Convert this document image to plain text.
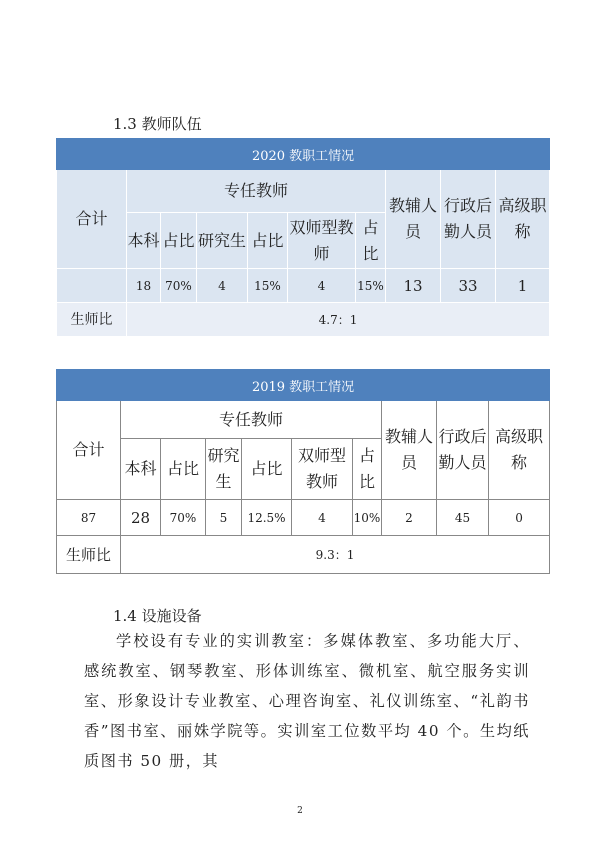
1.3 教师队伍
2020 教职工情况									
合计	专任教师						教辅人员	行政后勤人员	高级职称
	本科	占比	研究生	占比	双师型教师	占比			
	18	70%	4	15%	4	15%	13	33	1
生师比	4.7：1								
2019 教职工情况									
合计	专任教师						教辅人员	行政后勤人员	高级职称
	本科	占比	研究生	占比	双师型教师	占比			
87	28	70%	5	12.5%	4	10%	2	45	0
生师比	9.3：1								
1.4 设施设备

学校设有专业的实训教室：多媒体教室、多功能大厅、感统教室、钢琴教室、形体训练室、微机室、航空服务实训室、形象设计专业教室、心理咨询室、礼仪训练室、“礼韵书香”图书室、丽姝学院等。实训室工位数平均 40 个。生均纸质图书 50 册，其

2
